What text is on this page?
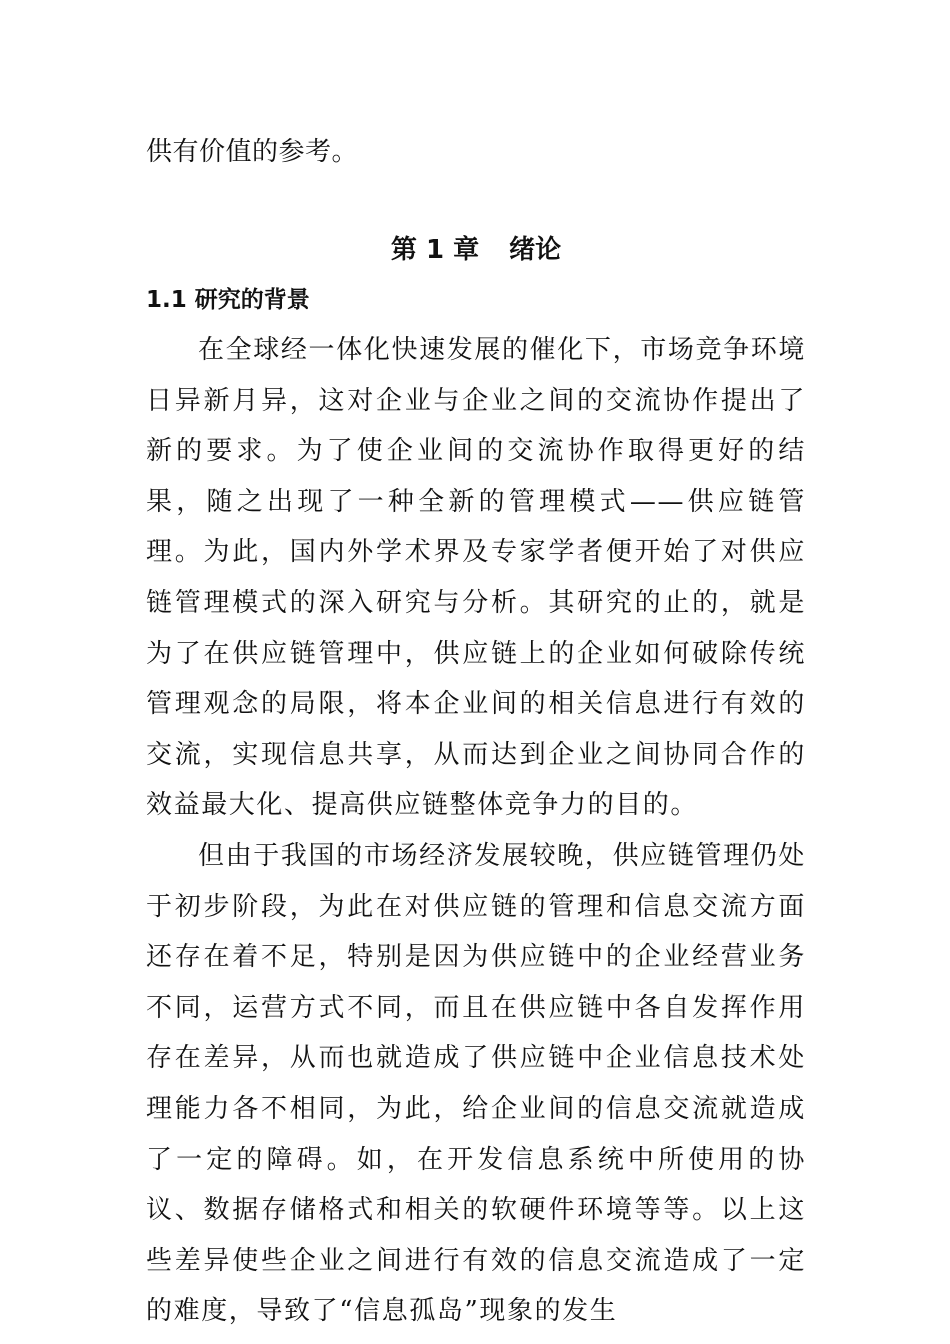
供有价值的参考。

第 1 章 绪论

1.1 研究的背景

在全球经一体化快速发展的催化下，市场竞争环境日异新月异，这对企业与企业之间的交流协作提出了新的要求。为了使企业间的交流协作取得更好的结果，随之出现了一种全新的管理模式——供应链管理。为此，国内外学术界及专家学者便开始了对供应链管理模式的深入研究与分析。其研究的止的，就是为了在供应链管理中，供应链上的企业如何破除传统管理观念的局限，将本企业间的相关信息进行有效的交流，实现信息共享，从而达到企业之间协同合作的效益最大化、提高供应链整体竞争力的目的。

但由于我国的市场经济发展较晚，供应链管理仍处于初步阶段，为此在对供应链的管理和信息交流方面还存在着不足，特别是因为供应链中的企业经营业务不同，运营方式不同，而且在供应链中各自发挥作用存在差异，从而也就造成了供应链中企业信息技术处理能力各不相同，为此，给企业间的信息交流就造成了一定的障碍。如，在开发信息系统中所使用的协议、数据存储格式和相关的软硬件环境等等。以上这些差异使些企业之间进行有效的信息交流造成了一定的难度，导致了“信息孤岛”现象的发生
